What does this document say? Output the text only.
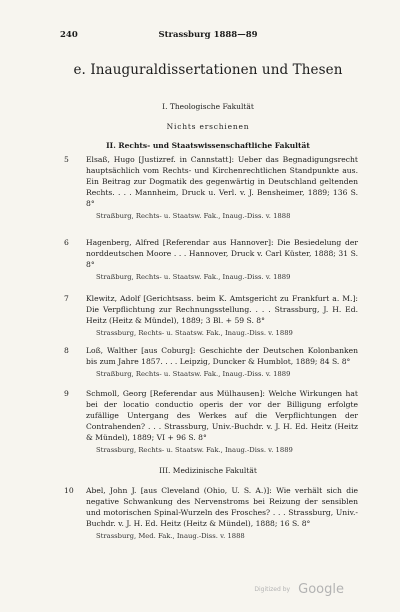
240	Strassburg 1888—89
e. Inauguraldissertationen und Thesen
I. Theologische Fakultät
Nichts erschienen
II. Rechts- und Staatswissenschaftliche Fakultät
5 Elsaß, Hugo [Justizref. in Cannstatt]: Ueber das Begnadigungsrecht hauptsächlich vom Rechts- und Kirchenrechtlichen Standpunkte aus. Ein Beitrag zur Dogmatik des gegenwärtig in Deutschland geltenden Rechts. . . . Mannheim, Druck u. Verl. v. J. Bensheimer, 1889; 136 S. 8°
Straßburg, Rechts- u. Staatsw. Fak., Inaug.-Diss. v. 1888
6 Hagenberg, Alfred [Referendar aus Hannover]: Die Besiedelung der norddeutschen Moore . . . Hannover, Druck v. Carl Küster, 1888; 31 S. 8°
Straßburg, Rechts- u. Staatsw. Fak., Inaug.-Diss. v. 1889
7 Klewitz, Adolf [Gerichtsass. beim K. Amtsgericht zu Frankfurt a. M.]: Die Verpflichtung zur Rechnungsstellung. . . . Strassburg, J. H. Ed. Heitz (Heitz & Mündel), 1889; 3 Bl. + 59 S. 8°
Strassburg, Rechts- u. Staatsw. Fak., Inaug.-Diss. v. 1889
8 Loß, Walther [aus Coburg]: Geschichte der Deutschen Kolonbanken bis zum Jahre 1857. . . . Leipzig, Duncker & Humblot, 1889; 84 S. 8°
Straßburg, Rechts- u. Staatsw. Fak., Inaug.-Diss. v. 1889
9 Schmoll, Georg [Referendar aus Mülhausen]: Welche Wirkungen hat bei der locatio conductio operis der vor der Billigung erfolgte zufällige Untergang des Werkes auf die Verpflichtungen der Contrahenden? . . . Strassburg, Univ.-Buchdr. v. J. H. Ed. Heitz (Heitz & Mündel), 1889; VI + 96 S. 8°
Strassburg, Rechts- u. Staatsw. Fak., Inaug.-Diss. v. 1889
III. Medizinische Fakultät
10 Abel, John J. [aus Cleveland (Ohio, U. S. A.)]: Wie verhält sich die negative Schwankung des Nervenstroms bei Reizung der sensiblen und motorischen Spinal-Wurzeln des Frosches? . . . Strassburg, Univ.-Buchdr. v. J. H. Ed. Heitz (Heitz & Mündel), 1888; 16 S. 8°
Strassburg, Med. Fak., Inaug.-Diss. v. 1888
Digitized by Google
